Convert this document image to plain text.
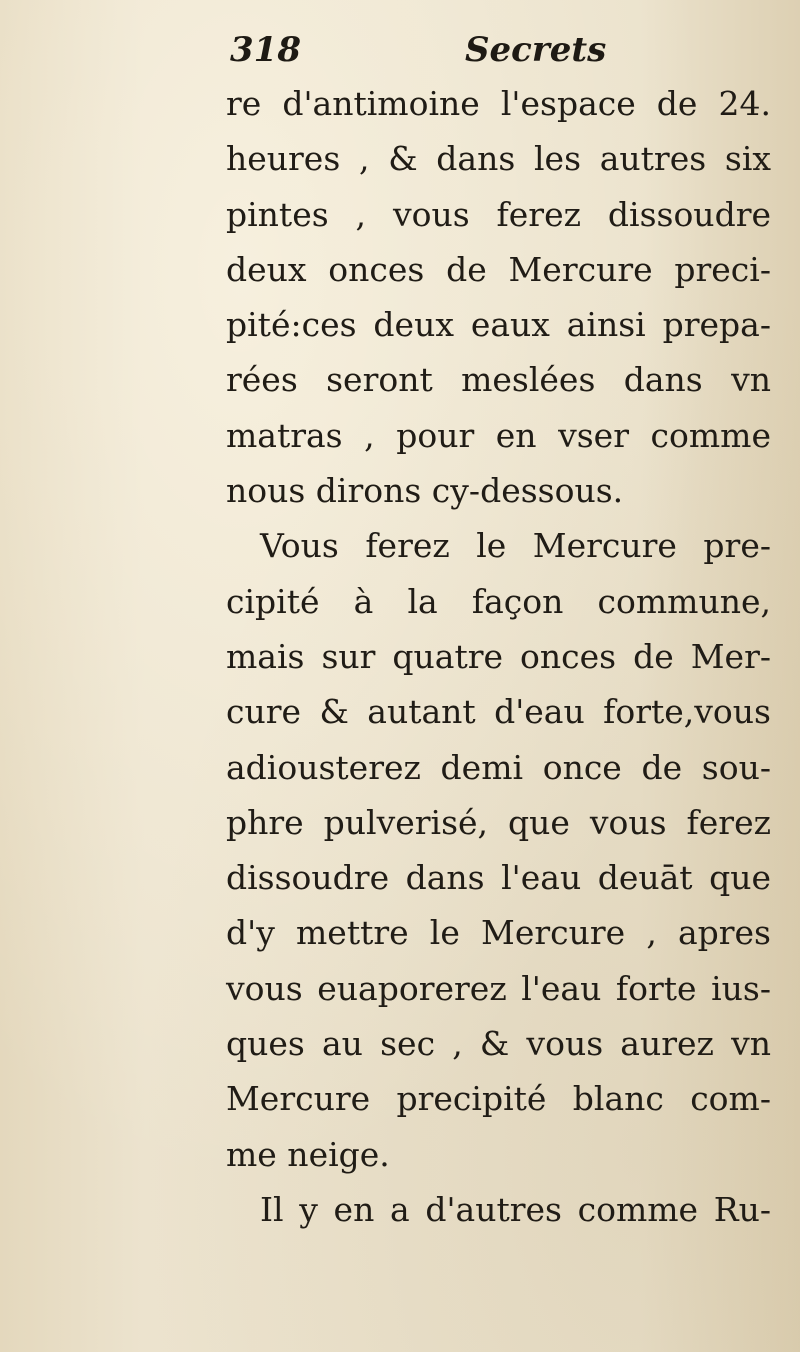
318	Secrets
re d'antimoine l'espace de 24.
heures , & dans les autres six
pintes , vous ferez dissoudre
deux onces de Mercure preci-
pité:ces deux eaux ainsi prepa-
rées seront meslées dans vn
matras , pour en vser comme
nous dirons cy-dessous.
Vous ferez le Mercure pre-
cipité à la façon commune,
mais sur quatre onces de Mer-
cure & autant d'eau forte,vous
adiousterez demi once de sou-
phre pulverisé, que vous ferez
dissoudre dans l'eau deuāt que
d'y mettre le Mercure , apres
vous euaporerez l'eau forte ius-
ques au sec , & vous aurez vn
Mercure precipité blanc com-
me neige.
Il y en a d'autres comme Ru-
